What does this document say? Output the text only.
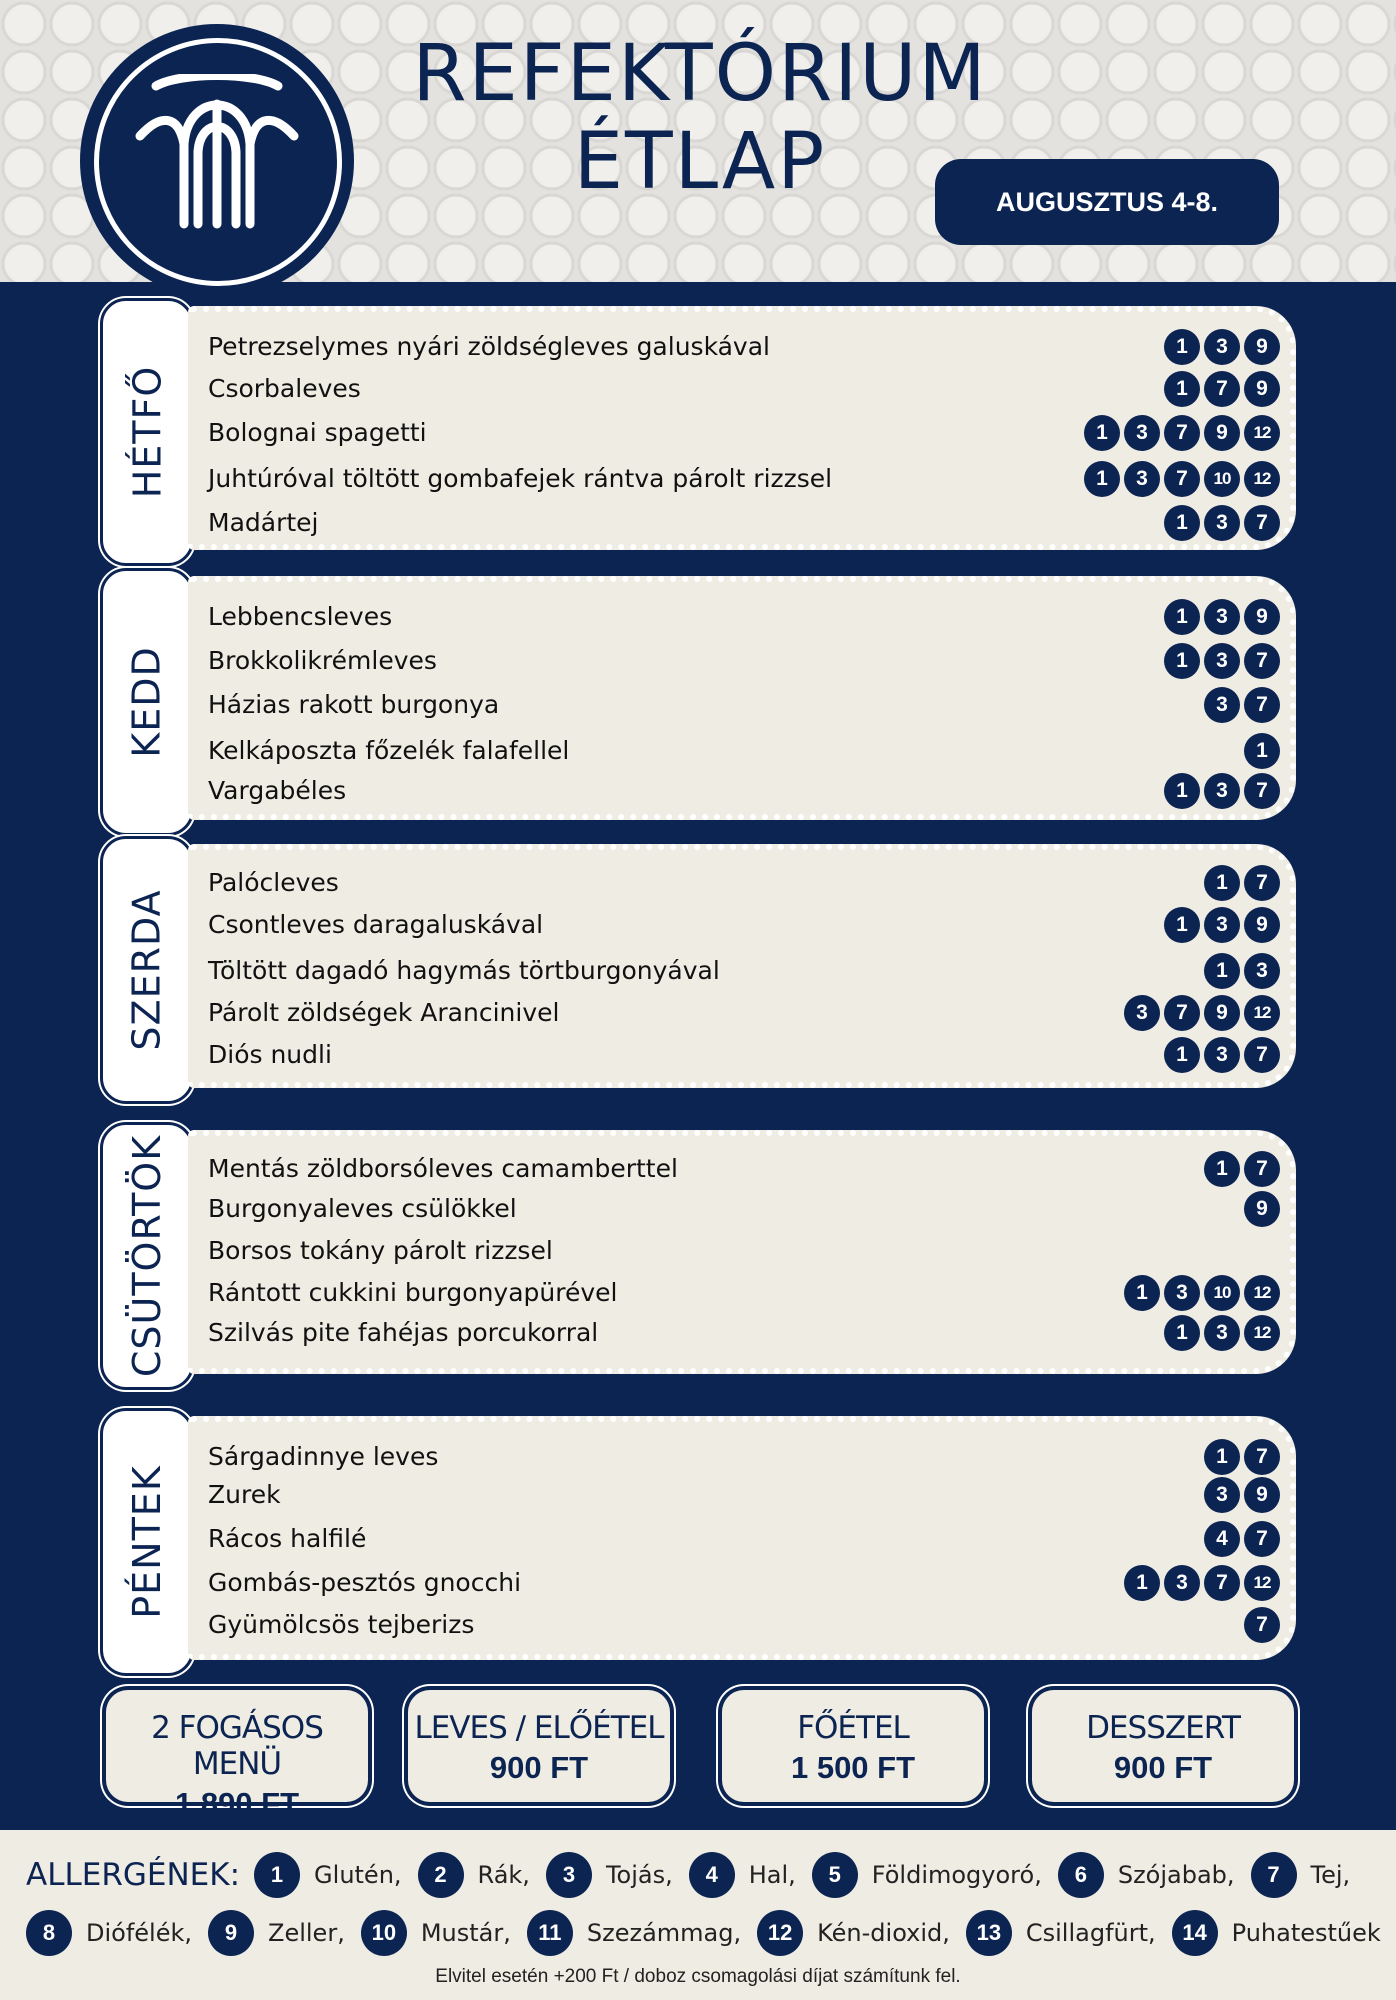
REFEKTÓRIUM
ÉTLAP	AUGUSZTUS 4-8.
HÉTFŐ
Petrezselymes nyári zöldségleves galuskával	1	3	9
Csorbaleves	1	7	9
Bolognai spagetti	1	3	7	9	12
Juhtúróval töltött gombafejek rántva párolt rizzsel	1	3	7	10	12
Madártej	1	3	7
KEDD
Lebbencsleves	1	3	9
Brokkolikrémleves	1	3	7
Házias rakott burgonya	3	7
Kelkáposzta főzelék falafellel	1
Vargabéles	1	3	7
SZERDA
Palócleves	1	7
Csontleves daragaluskával	1	3	9
Töltött dagadó hagymás törtburgonyával	1	3
Párolt zöldségek Arancinivel	3	7	9	12
Diós nudli	1	3	7
CSÜTÖRTÖK Mentás zöldborsóleves camamberttel	1	7
Burgonyaleves csülökkel	9
Borsos tokány párolt rizzsel
Rántott cukkini burgonyapürével	1	3	10	12
Szilvás pite fahéjas porcukorral	1	3	12
PÉNTEK
Sárgadinnye leves	1	7
Zurek	3	9
Rácos halfilé	4	7
Gombás-pesztós gnocchi	1	3	7	12
Gyümölcsös tejberizs	7
2 FOGÁSOS MENÜ
1 890 FT
LEVES / ELŐÉTEL
900 FT
FŐÉTEL
1 500 FT
DESSZERT
900 FT
ALLERGÉNEK:	1	Glutén,	2	Rák,	3	Tojás,	4	Hal,	5	Földimogyoró,	6	Szójabab,	7	Tej,
8	Diófélék,	9	Zeller,	10	Mustár,	11	Szezámmag,	12	Kén-dioxid,	13	Csillagfürt,	14	Puhatestűek
Elvitel esetén +200 Ft / doboz csomagolási díjat számítunk fel.
